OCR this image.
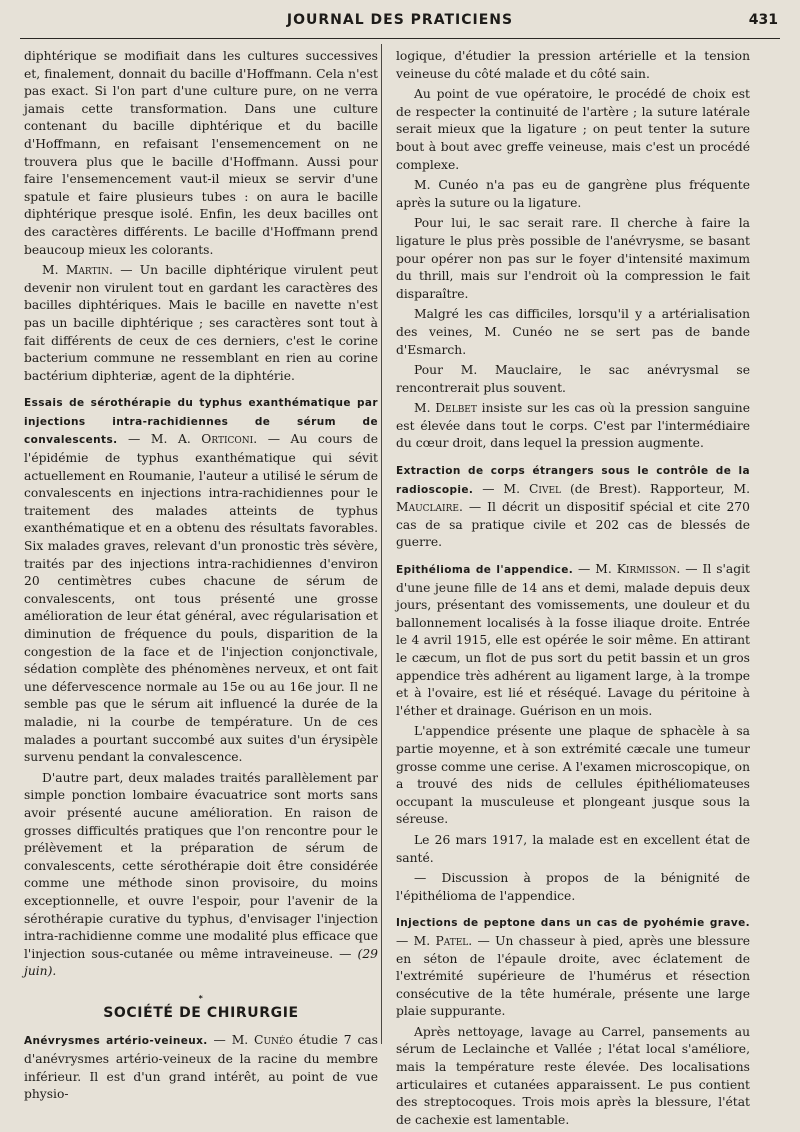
JOURNAL DES PRATICIENS	431

diphtérique se modifiait dans les cultures successives et, finalement, donnait du bacille d'Hoffmann. Cela n'est pas exact. Si l'on part d'une culture pure, on ne verra jamais cette transformation. Dans une culture contenant du bacille diphtérique et du bacille d'Hoffmann, en refaisant l'ensemencement on ne trouvera plus que le bacille d'Hoffmann. Aussi pour faire l'ensemencement vaut-il mieux se servir d'une spatule et faire plusieurs tubes : on aura le bacille diphtérique presque isolé. Enfin, les deux bacilles ont des caractères différents. Le bacille d'Hoffmann prend beaucoup mieux les colorants.

M. Martin. — Un bacille diphtérique virulent peut devenir non virulent tout en gardant les caractères des bacilles diphtériques. Mais le bacille en navette n'est pas un bacille diphtérique ; ses caractères sont tout à fait différents de ceux de ces derniers, c'est le corine bacterium commune ne ressemblant en rien au corine bactérium diphteriæ, agent de la diphtérie.

Essais de sérothérapie du typhus exanthématique par injections intra-rachidiennes de sérum de convalescents. — M. A. Orticoni. — Au cours de l'épidémie de typhus exanthématique qui sévit actuellement en Roumanie, l'auteur a utilisé le sérum de convalescents en injections intra-rachidiennes pour le traitement des malades atteints de typhus exanthématique et en a obtenu des résultats favorables. Six malades graves, relevant d'un pronostic très sévère, traités par des injections intra-rachidiennes d'environ 20 centimètres cubes chacune de sérum de convalescents, ont tous présenté une grosse amélioration de leur état général, avec régularisation et diminution de fréquence du pouls, disparition de la congestion de la face et de l'injection conjonctivale, sédation complète des phénomènes nerveux, et ont fait une défervescence normale au 15e ou au 16e jour. Il ne semble pas que le sérum ait influencé la durée de la maladie, ni la courbe de température. Un de ces malades a pourtant succombé aux suites d'un érysipèle survenu pendant la convalescence.

D'autre part, deux malades traités parallèlement par simple ponction lombaire évacuatrice sont morts sans avoir présenté aucune amélioration. En raison de grosses difficultés pratiques que l'on rencontre pour le prélèvement et la préparation de sérum de convalescents, cette sérothérapie doit être considérée comme une méthode sinon provisoire, du moins exceptionnelle, et ouvre l'espoir, pour l'avenir de la sérothérapie curative du typhus, d'envisager l'injection intra-rachidienne comme une modalité plus efficace que l'injection sous-cutanée ou même intraveineuse. — (29 juin).

*
SOCIÉTÉ DE CHIRURGIE

Anévrysmes artério-veineux. — M. Cunéo étudie 7 cas d'anévrysmes artério-veineux de la racine du membre inférieur. Il est d'un grand intérêt, au point de vue physio-

logique, d'étudier la pression artérielle et la tension veineuse du côté malade et du côté sain.

Au point de vue opératoire, le procédé de choix est de respecter la continuité de l'artère ; la suture latérale serait mieux que la ligature ; on peut tenter la suture bout à bout avec greffe veineuse, mais c'est un procédé complexe.

M. Cunéo n'a pas eu de gangrène plus fréquente après la suture ou la ligature.

Pour lui, le sac serait rare. Il cherche à faire la ligature le plus près possible de l'anévrysme, se basant pour opérer non pas sur le foyer d'intensité maximum du thrill, mais sur l'endroit où la compression le fait disparaître.

Malgré les cas difficiles, lorsqu'il y a artérialisation des veines, M. Cunéo ne se sert pas de bande d'Esmarch.

Pour M. Mauclaire, le sac anévrysmal se rencontrerait plus souvent.

M. Delbet insiste sur les cas où la pression sanguine est élevée dans tout le corps. C'est par l'intermédiaire du cœur droit, dans lequel la pression augmente.

Extraction de corps étrangers sous le contrôle de la radioscopie. — M. Civel (de Brest). Rapporteur, M. Mauclaire. — Il décrit un dispositif spécial et cite 270 cas de sa pratique civile et 202 cas de blessés de guerre.

Epithélioma de l'appendice. — M. Kirmisson. — Il s'agit d'une jeune fille de 14 ans et demi, malade depuis deux jours, présentant des vomissements, une douleur et du ballonnement localisés à la fosse iliaque droite. Entrée le 4 avril 1915, elle est opérée le soir même. En attirant le cæcum, un flot de pus sort du petit bassin et un gros appendice très adhérent au ligament large, à la trompe et à l'ovaire, est lié et réséqué. Lavage du péritoine à l'éther et drainage. Guérison en un mois.

L'appendice présente une plaque de sphacèle à sa partie moyenne, et à son extrémité cæcale une tumeur grosse comme une cerise. A l'examen microscopique, on a trouvé des nids de cellules épithéliomateuses occupant la musculeuse et plongeant jusque sous la séreuse.

Le 26 mars 1917, la malade est en excellent état de santé.

— Discussion à propos de la bénignité de l'épithélioma de l'appendice.

Injections de peptone dans un cas de pyohémie grave. — M. Patel. — Un chasseur à pied, après une blessure en séton de l'épaule droite, avec éclatement de l'extrémité supérieure de l'humérus et résection consécutive de la tête humérale, présente une large plaie suppurante.

Après nettoyage, lavage au Carrel, pansements au sérum de Leclainche et Vallée ; l'état local s'améliore, mais la température reste élevée. Des localisations articulaires et cutanées apparaissent. Le pus contient des streptocoques. Trois mois après la blessure, l'état de cachexie est lamentable.
